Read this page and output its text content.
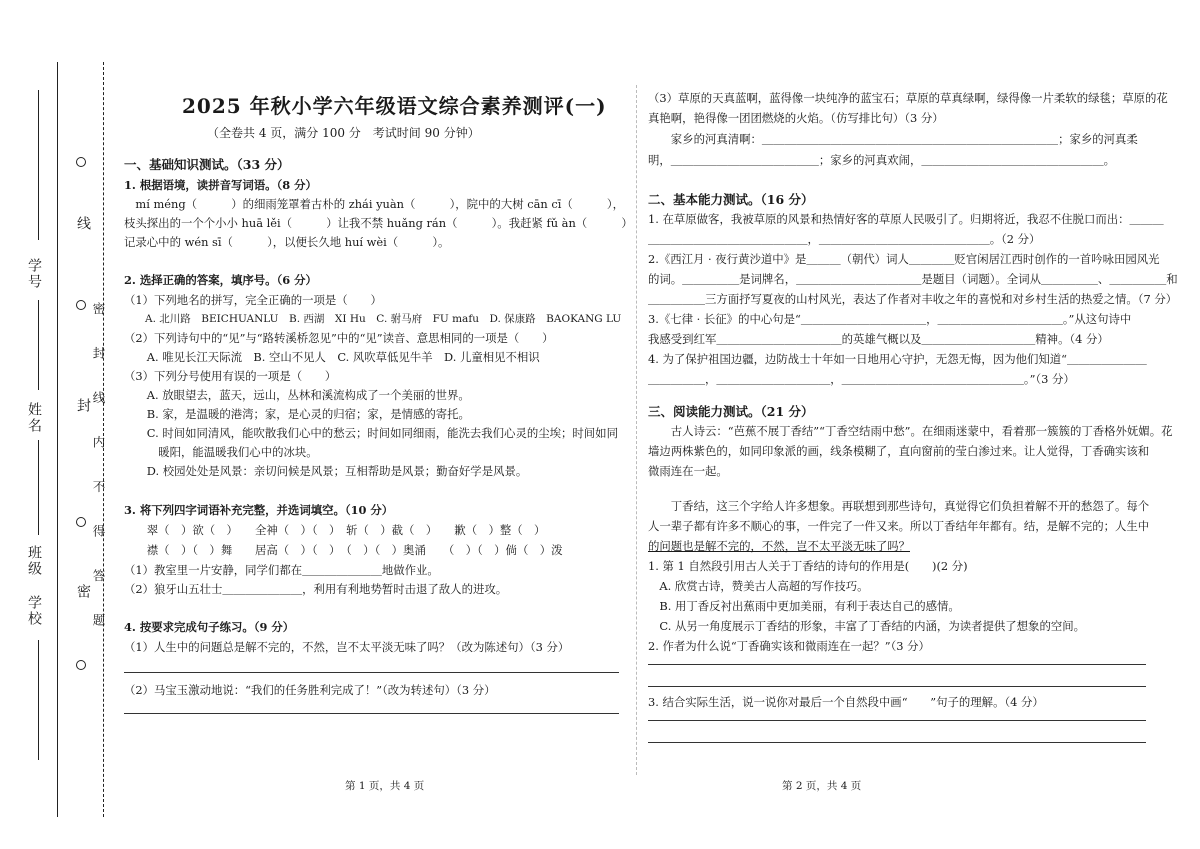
学号
姓名
班级
学校
线
封
密 密 封 线 内 不 得 答 题
2025 年秋小学六年级语文综合素养测评(一)
（全卷共 4 页，满分 100 分　考试时间 90 分钟）
一、基础知识测试。（33 分）
1. 根据语境，读拼音写词语。（8 分）
　mí méng（　　　）的细雨笼罩着古朴的 zhái yuàn（　　　），院中的大树 cān cī（　　　），
枝头探出的一个个小小 huā lěi（　　　）让我不禁 huǎng rán（　　　）。我赶紧 fǔ àn（　　　）
记录心中的 wén sī（　　　），以便长久地 huí wèi（　　　）。
2. 选择正确的答案，填序号。（6 分）
（1）下列地名的拼写，完全正确的一项是（　　）
　　A. 北川路　BEICHUANLU　B. 西湖　XI Hu　C. 驸马府　FU mafu　D. 保康路　BAOKANG LU
（2）下列诗句中的“见”与“路转溪桥忽见”中的“见”读音、意思相同的一项是（　　）
　　A. 唯见长江天际流　B. 空山不见人　C. 风吹草低见牛羊　D. 儿童相见不相识
（3）下列分号使用有误的一项是（　　）
　　A. 放眼望去，蓝天，远山，丛林和溪流构成了一个美丽的世界。
　　B. 家，是温暖的港湾；家，是心灵的归宿；家，是情感的寄托。
　　C. 时间如同清风，能吹散我们心中的愁云；时间如同细雨，能洗去我们心灵的尘埃；时间如同
　　　暖阳，能温暖我们心中的冰块。
　　D. 校园处处是风景：亲切问候是风景；互相帮助是风景；勤奋好学是风景。
3. 将下列四字词语补充完整，并选词填空。（10 分）
　　翠（　）欲（　）　　全神（　）（　）　斩（　）截（　）　　歉（　）整（　）
　　襟（　）（　）舞　　居高（　）（　）　（　）（　）奥涌　　（　）（　）倘（　）泼
（1）教室里一片安静，同学们都在＿＿＿＿＿＿＿地做作业。
（2）狼牙山五壮士＿＿＿＿＿＿＿，利用有利地势暂时击退了敌人的进攻。
4. 按要求完成句子练习。（9 分）
（1）人生中的问题总是解不完的，不然，岂不太平淡无味了吗？（改为陈述句）（3 分）
（2）马宝玉激动地说：“我们的任务胜利完成了！”（改为转述句）（3 分）
第 1 页，共 4 页
（3）草原的天真蓝啊，蓝得像一块纯净的蓝宝石；草原的草真绿啊，绿得像一片柔软的绿毯；草原的花
真艳啊，艳得像一团团燃烧的火焰。（仿写排比句）（3 分）
　　家乡的河真清啊：＿＿＿＿＿＿＿＿＿＿＿＿＿＿＿＿＿＿＿＿＿＿＿＿＿＿；家乡的河真柔
明，＿＿＿＿＿＿＿＿＿＿＿＿＿；家乡的河真欢闹，＿＿＿＿＿＿＿＿＿＿＿＿＿＿＿＿。
二、基本能力测试。（16 分）
1. 在草原做客，我被草原的风景和热情好客的草原人民吸引了。归期将近，我忍不住脱口而出：＿＿＿
＿＿＿＿＿＿＿＿＿＿＿＿＿＿，＿＿＿＿＿＿＿＿＿＿＿＿＿＿＿。（2 分）
2.《西江月 · 夜行黄沙道中》是＿＿＿（朝代）词人＿＿＿＿贬官闲居江西时创作的一首吟咏田园风光
的词。＿＿＿＿＿是词牌名，＿＿＿＿＿＿＿＿＿＿＿是题目（词题）。全词从＿＿＿＿＿、＿＿＿＿＿和
＿＿＿＿＿三方面抒写夏夜的山村风光，表达了作者对丰收之年的喜悦和对乡村生活的热爱之情。（7 分）
3.《七律 · 长征》的中心句是“＿＿＿＿＿＿＿＿＿＿＿，＿＿＿＿＿＿＿＿＿＿＿。”从这句诗中
我感受到红军＿＿＿＿＿＿＿＿＿＿＿的英雄气概以及＿＿＿＿＿＿＿＿＿＿精神。（4 分）
4. 为了保护祖国边疆，边防战士十年如一日地用心守护，无怨无悔，因为他们知道“＿＿＿＿＿＿＿
＿＿＿＿＿，＿＿＿＿＿＿＿＿＿＿，＿＿＿＿＿＿＿＿＿＿＿＿＿＿＿＿。”（3 分）
三、阅读能力测试。（21 分）
　　古人诗云：“芭蕉不展丁香结”“丁香空结雨中愁”。在细雨迷蒙中，看着那一簇簇的丁香格外妩媚。花
墙边两株紫色的，如同印象派的画，线条模糊了，直向窗前的莹白渗过来。让人觉得，丁香确实该和
微雨连在一起。
　　丁香结，这三个字给人许多想象。再联想到那些诗句，真觉得它们负担着解不开的愁怨了。每个
人一辈子都有许多不顺心的事，一件完了一件又来。所以丁香结年年都有。结，是解不完的；人生中
的问题也是解不完的，不然，岂不太平淡无味了吗？
1. 第 1 自然段引用古人关于丁香结的诗句的作用是(　　)(2 分)
　A. 欣赏古诗，赞美古人高超的写作技巧。
　B. 用丁香反衬出蕉雨中更加美丽，有利于表达自己的感情。
　C. 从另一角度展示丁香结的形象，丰富了丁香结的内涵，为读者提供了想象的空间。
2. 作者为什么说“丁香确实该和微雨连在一起？”（3 分）
3. 结合实际生活，说一说你对最后一个自然段中画“　　”句子的理解。（4 分）
第 2 页，共 4 页
